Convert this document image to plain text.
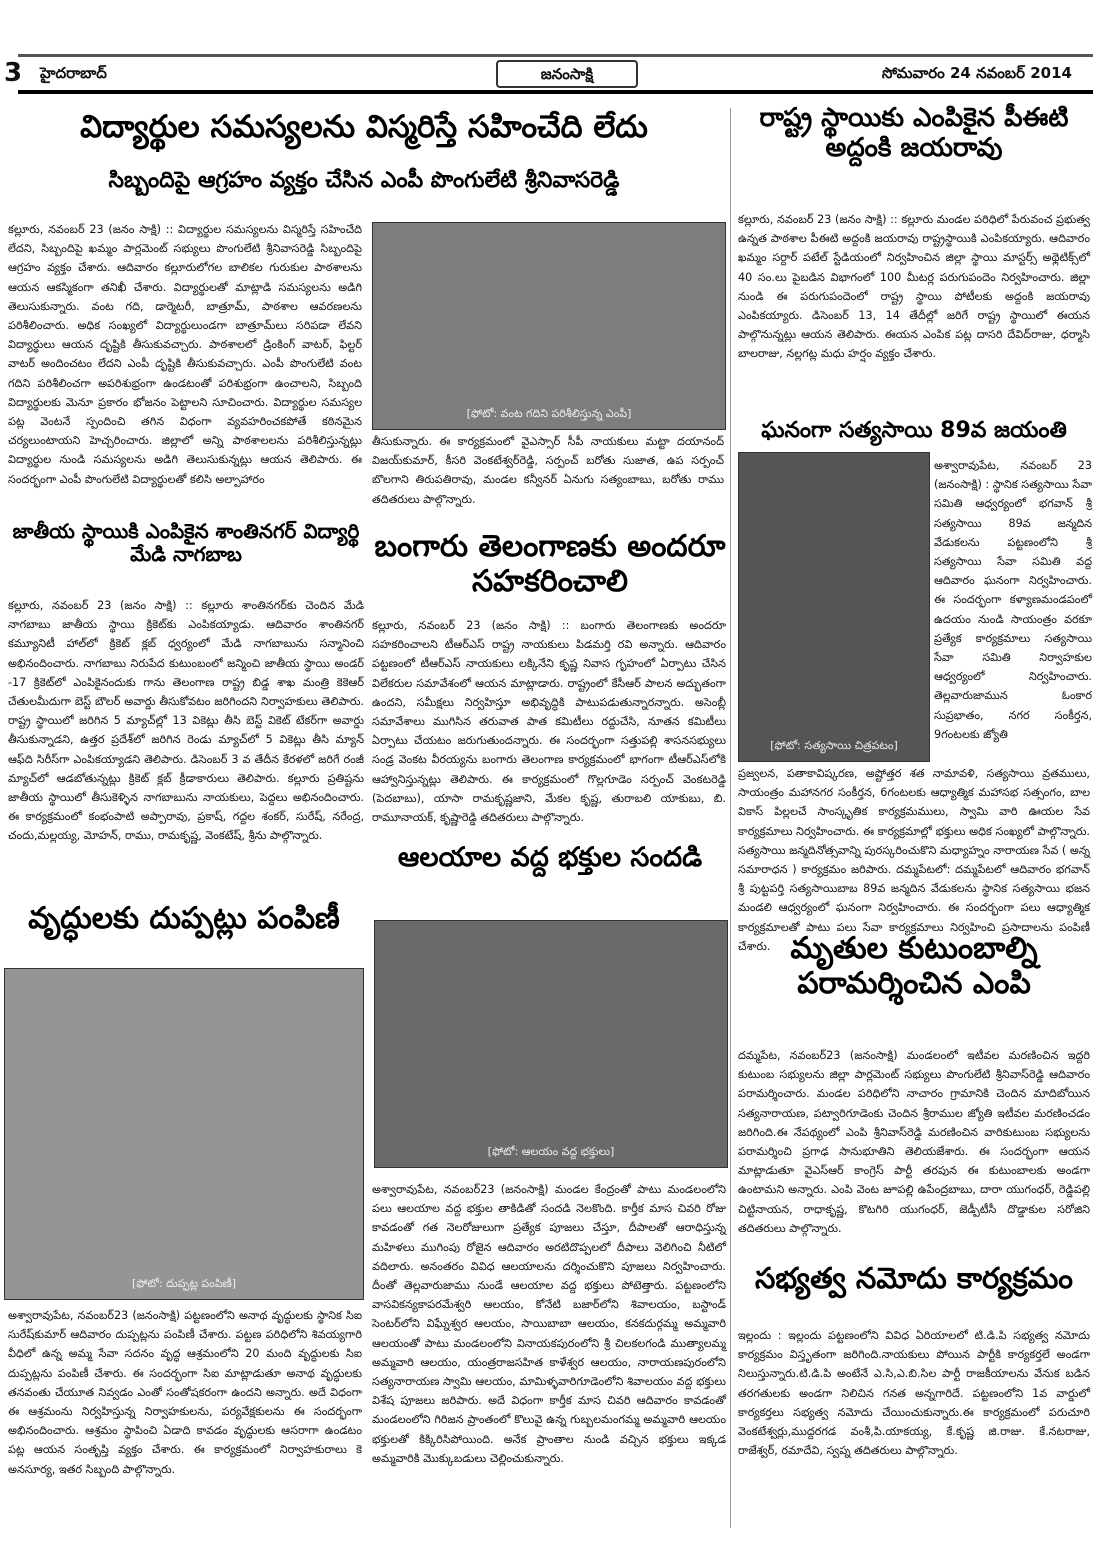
3 హైదరాబాద్	జనంసాక్షి	సోమవారం 24 నవంబర్ 2014
విద్యార్థుల సమస్యలను విస్మరిస్తే సహించేది లేదు
సిబ్బందిపై ఆగ్రహం వ్యక్తం చేసిన ఎంపీ పొంగులేటి శ్రీనివాసరెడ్డి
కల్లూరు, నవంబర్ 23 (జనం సాక్షి) :: విద్యార్థుల సమస్యలను విస్మరిస్తే సహించేది లేదని, సిబ్బందిపై ఖమ్మం పార్లమెంట్ సభ్యులు పొంగులేటి శ్రీనివాసరెడ్డి సిబ్బందిపై ఆగ్రహం వ్యక్తం చేశారు. ఆదివారం కల్లూరులోగల బాలికల గురుకుల పాఠశాలను ఆయన ఆకస్మికంగా తనిఖీ చేశారు. విద్యార్థులతో మాట్లాడి సమస్యలను అడిగి తెలుసుకున్నారు. వంట గది, డార్మెటరీ, బాత్రూమ్, పాఠశాల ఆవరణలను పరిశీలించారు. అధిక సంఖ్యలో విద్యార్థులుండగా బాత్రూమ్‌లు సరిపడా లేవని విద్యార్థులు ఆయన దృష్టికి తీసుకువచ్చారు. పాఠశాలలో డ్రింకింగ్ వాటర్, ఫిల్టర్ వాటర్ అందించటం లేదని ఎంపీ దృష్టికి తీసుకువచ్చారు. ఎంపీ పొంగులేటి వంట గదిని పరిశీలించగా అపరిశుభ్రంగా ఉండటంతో పరిశుభ్రంగా ఉంచాలని, సిబ్బంది విద్యార్థులకు మెనూ ప్రకారం భోజనం పెట్టాలని సూచించారు. విద్యార్థుల సమస్యల పట్ల వెంటనే స్పందించి తగిన విధంగా వ్యవహరించకపోతే కఠినమైన చర్యలుంటాయని హెచ్చరించారు. జిల్లాలో అన్ని పాఠశాలలను పరిశీలిస్తున్నట్లు విద్యార్థుల నుండి సమస్యలను అడిగి తెలుసుకున్నట్లు ఆయన తెలిపారు. ఈ సందర్భంగా ఎంపీ పొంగులేటి విద్యార్థులతో కలిసి అల్పాహారం
[ఫోటో: వంట గదిని పరిశీలిస్తున్న ఎంపీ]
తీసుకున్నారు. ఈ కార్యక్రమంలో వైఎస్సార్ సీపీ నాయకులు మట్టా దయానంద్ విజయ్‌కుమార్, కీసరి వెంకటేశ్వర్‌రెడ్డి, సర్పంచ్ బరోతు సుజాత, ఉప సర్పంచ్ బొలగాని తిరుపతిరావు, మండల కన్వీనర్ ఏనుగు సత్యంబాబు, బరోతు రాము తదితరులు పాల్గొన్నారు.
రాష్ట్ర స్థాయికు ఎంపికైన పీఈటి అద్దంకి జయరావు
కల్లూరు, నవంబర్ 23 (జనం సాక్షి) :: కల్లూరు మండల పరిధిలో పేరువంచ ప్రభుత్వ ఉన్నత పాఠశాల పీఈటి అద్దంకి జయరావు రాష్ట్రస్థాయికి ఎంపికయ్యారు. ఆదివారం ఖమ్మం సర్దార్ పటేల్ స్టేడియంలో నిర్వహించిన జిల్లా స్థాయి మాస్టర్స్ అథ్లెటిక్స్‌లో 40 సం.లు పైబడిన విభాగంలో 100 మీటర్ల పరుగుపందెం నిర్వహించారు. జిల్లా నుండి ఈ పరుగుపందెంలో రాష్ట్ర స్థాయి పోటీలకు అద్దంకి జయరావు ఎంపికయ్యారు. డిసెంబర్ 13, 14 తేదీల్లో జరిగే రాష్ట్ర స్థాయిలో ఈయన పాల్గొనున్నట్లు ఆయన తెలిపారు. ఈయన ఎంపిక పట్ల దాసరి దేవిద్‌రాజు, ధర్మాసి బాలరాజు, నల్లగట్ల మధు హర్షం వ్యక్తం చేశారు.
ఘనంగా సత్యసాయి 89వ జయంతి
[ఫోటో: సత్యసాయి చిత్రపటం]
అశ్వారావుపేట, నవంబర్ 23 (జనంసాక్షి) : స్థానిక సత్యసాయి సేవా సమితి ఆధ్వర్యంలో భగవాన్ శ్రీ సత్యసాయి 89వ జన్మదిన వేడుకలను పట్టణంలోని శ్రీ సత్యసాయి సేవా సమితి వద్ద ఆదివారం ఘనంగా నిర్వహించారు. ఈ సందర్భంగా కళ్యాణమండపంలో ఉదయం నుండి సాయంత్రం వరకూ ప్రత్యేక కార్యక్రమాలు సత్యసాయి సేవా సమితి నిర్వాహకుల ఆధ్వర్యంలో నిర్వహించారు. తెల్లవారుజామున ఓంకార సుప్రభాతం, నగర సంకీర్తన, 9గంటలకు జ్యోతి
ప్రజ్వలన, పతాకావిష్కరణ, అష్టోత్తర శత నామావళి, సత్యసాయి వ్రతములు, సాయంత్రం మహానగర సంకీర్తన, 6గంటలకు ఆధ్యాత్మిక మహాసభ సత్సంగం, బాల వికాస్ పిల్లలచే సాంస్కృతిక కార్యక్రమములు, స్వామి వారి ఊయల సేవ కార్యక్రమాలు నిర్వహించారు. ఈ కార్యక్రమాల్లో భక్తులు అధిక సంఖ్యలో పాల్గొన్నారు. సత్యసాయి జన్మదినోత్సవాన్ని పురస్కరించుకొని మధ్యాహ్నం నారాయణ సేవ ( అన్న సమారాధన ) కార్యక్రమం జరిపారు. దమ్మపేటలో: దమ్మపేటలో ఆదివారం భగవాన్ శ్రీ పుట్టపర్తి సత్యసాయిబాబ 89వ జన్మదిన వేడుకలను స్థానిక సత్యసాయి భజన మండలి ఆధ్వర్యంలో ఘనంగా నిర్వహించారు. ఈ సందర్భంగా పలు ఆధ్యాత్మిక కార్యక్రమాలతో పాటు పలు సేవా కార్యక్రమాలు నిర్వహించి ప్రసాదాలను పంపిణీ చేశారు.
జాతీయ స్థాయికి ఎంపికైన శాంతినగర్ విద్యార్థి మేడి నాగబాబ
కల్లూరు, నవంబర్ 23 (జనం సాక్షి) :: కల్లూరు శాంతినగర్‌కు చెందిన మేడి నాగబాబు జాతీయ స్థాయి క్రికెట్‌కు ఎంపికయ్యాడు. ఆదివారం శాంతినగర్ కమ్యూనిటీ హాల్‌లో క్రికెట్ క్లబ్ ధ్వర్యంలో మేడి నాగబాబును సన్మానించి అభినందించారు. నాగబాబు నిరుపేద కుటుంబంలో జన్మించి జాతీయ స్థాయి అండర్ -17 క్రికెట్‌లో ఎంపికైనందుకు గాను తెలంగాణ రాష్ట్ర బిడ్డ శాఖ మంత్రి కెకెఆర్ చేతులమీదుగా బెస్ట్ బౌలర్ అవార్డు తీసుకోవటం జరిగిందని నిర్వాహకులు తెలిపారు. రాష్ట్ర స్థాయిలో జరిగిన 5 మ్యాచ్‌ల్లో 13 వికెట్లు తీసి బెస్ట్ వికెట్ టేకర్‌గా అవార్డు తీసుకున్నాడని, ఉత్తర ప్రదేశ్‌లో జరిగిన రెండు మ్యాచ్‌లో 5 వికెట్లు తీసి మ్యాన్ ఆఫ్‌ది సిరీస్‌గా ఎంపికయ్యాడని తెలిపారు. డిసెంబర్ 3 వ తేదీన కేరళలో జరిగే రంజీ మ్యాచ్‌లో ఆడబోతున్నట్లు క్రికెట్ క్లబ్ క్రీడాకారులు తెలిపారు. కల్లూరు ప్రతిష్టను జాతీయ స్థాయిలో తీసుకెళ్ళిన నాగబాబును నాయకులు, పెద్దలు అభినందించారు. ఈ కార్యక్రమంలో కంభంపాటి అప్పారావు, ప్రకాష్, గద్దల శంకర్, సురేష్, నరేంద్ర, చందు,మల్లయ్య, మోహన్, రాము, రామకృష్ణ, వెంకటేష్, శ్రీను పాల్గొన్నారు.
బంగారు తెలంగాణకు అందరూ సహకరించాలి
కల్లూరు, నవంబర్ 23 (జనం సాక్షి) :: బంగారు తెలంగాణకు అందరూ సహకరించాలని టీఆర్ఎస్ రాష్ట్ర నాయకులు పిడమర్తి రవి అన్నారు. ఆదివారం పట్టణంలో టీఆర్ఎస్ నాయకులు లక్కినేని కృష్ణ నివాస గృహంలో ఏర్పాటు చేసిన విలేకరుల సమావేశంలో ఆయన మాట్లాడారు. రాష్ట్రంలో కేసీఆర్ పాలన అద్భుతంగా ఉందని, సమీక్షలు నిర్వహిస్తూ అభివృద్ధికి పాటుపడుతున్నారన్నారు. అసెంబ్లీ సమావేశాలు ముగిసిన తరువాత పాత కమిటీలు రద్దుచేసి, నూతన కమిటీలు ఏర్పాటు చేయటం జరుగుతుందన్నారు. ఈ సందర్భంగా సత్తుపల్లి శాసనసభ్యులు సండ్ర వెంకట వీరయ్యను బంగారు తెలంగాణ కార్యక్రమంలో భాగంగా టీఆర్ఎస్‌లోకి ఆహ్వానిస్తున్నట్లు తెలిపారు. ఈ కార్యక్రమంలో గొల్లగూడెం సర్పంచ్ వెంకటరెడ్డి (పెదబాబు), యాసా రామకృష్ణజాని, మేకల కృష్ణ, తురాబలి యాకుబు, బి. రామూనాయక్, కృష్ణారెడ్డి తదితరులు పాల్గొన్నారు.
ఆలయాల వద్ద భక్తుల సందడి
[ఫోటో: ఆలయం వద్ద భక్తులు]
అశ్వారావుపేట, నవంబర్23 (జనంసాక్షి) మండల కేంద్రంతో పాటు మండలంలోని పలు ఆలయాల వద్ద భక్తుల తాకిడితో సందడి నెలకొంది. కార్తీక మాస చివరి రోజు కావడంతో గత నెలరోజులుగా ప్రత్యేక పూజలు చేస్తూ, దీపాలతో ఆరాధిస్తున్న మహిళలు ముగింపు రోజైన ఆదివారం అరటిదొప్పలలో దీపాలు వెలిగించి నీటిలో వదిలారు. అనంతరం వివిధ ఆలయాలను దర్శించుకొని పూజలు నిర్వహించారు. దీంతో తెల్లవారుజాము నుండే ఆలయాల వద్ద భక్తులు పోటెత్తారు. పట్టణంలోని వాసవికన్యకాపరమేశ్వరి ఆలయం, కోనేటి బజార్‌లోని శివాలయం, బస్టాండ్ సెంటర్‌లోని విఘ్నేశ్వర ఆలయం, సాయిబాబా ఆలయం, కనకదుర్గమ్మ అమ్మవారి ఆలయంతో పాటు మండలంలోని వినాయకపురంలోని శ్రీ చిలకలగండి ముత్యాలమ్మ అమ్మవారి ఆలయం, యంత్రరాజసహిత కాళేశ్వర ఆలయం, నారాయణపురంలోని సత్యనారాయణ స్వామి ఆలయం, మామిళ్ళవారిగూడెంలోని శివాలయం వద్ద భక్తులు విశేష పూజలు జరిపారు. అదే విధంగా కార్తీక మాస చివరి ఆదివారం కావడంతో మండలంలోని గిరిజన ప్రాంతంలో కొలువై ఉన్న గుబ్బలమంగమ్మ అమ్మవారి ఆలయం భక్తులతో కిక్కిరిసిపోయింది. అనేక ప్రాంతాల నుండి వచ్చిన భక్తులు ఇక్కడ అమ్మవారికి మొక్కుబడులు చెల్లించుకున్నారు.
వృద్ధులకు దుప్పట్లు పంపిణీ
[ఫోటో: దుప్పట్ల పంపిణీ]
అశ్వారావుపేట, నవంబర్23 (జనంసాక్షి) పట్టణంలోని అనాథ వృద్ధులకు స్థానిక సిఐ సురేష్‌కుమార్ ఆదివారం దుప్పట్లను పంపిణీ చేశారు. పట్టణ పరిధిలోని శివయ్యగారి వీధిలో ఉన్న అమ్మ సేవా సదనం వృద్ధ ఆశ్రమంలోని 20 మంది వృద్ధులకు సిఐ దుప్పట్లను పంపిణీ చేశారు. ఈ సందర్భంగా సిఐ మాట్లాడుతూ అనాథ వృద్ధులకు తనవంతు చేయూత నివ్వడం ఎంతో సంతోషకరంగా ఉందని అన్నారు. అదే విధంగా ఈ ఆశ్రమంను నిర్వహిస్తున్న నిర్వాహకులను, పర్యవేక్షకులను ఈ సందర్భంగా అభినందించారు. ఆశ్రమం స్థాపించి ఏడాది కావడం వృద్ధులకు ఆసరాగా ఉండటం పట్ల ఆయన సంతృప్తి వ్యక్తం చేశారు. ఈ కార్యక్రమంలో నిర్వాహకురాలు కె అనసూర్య, ఇతర సిబ్బంది పాల్గొన్నారు.
మృతుల కుటుంబాల్ని పరామర్శించిన ఎంపి
దమ్మపేట, నవంబర్23 (జనంసాక్షి) మండలంలో ఇటీవల మరణించిన ఇద్దరి కుటుంబ సభ్యులను జిల్లా పార్లమెంట్ సభ్యులు పొంగులేటి శ్రీనివాస్‌రెడ్డి ఆదివారం పరామర్శించారు. మండల పరిధిలోని నాచారం గ్రామానికి చెందిన మాదిబోయిన సత్యనారాయణ, పట్వారిగూడెంకు చెందిన శ్రీరాముల జ్యోతి ఇటీవల మరణించడం జరిగింది.ఈ నేపథ్యంలో ఎంపి శ్రీనివాస్‌రెడ్డి మరణించిన వారికుటుంబ సభ్యులను పరామర్శించి ప్రగాఢ సానుభూతిని తెలియజేశారు. ఈ సందర్భంగా ఆయన మాట్లాడుతూ వైఎస్ఆర్ కాంగ్రెస్ పార్టీ తరపున ఈ కుటుంబాలకు అండగా ఉంటామని అన్నారు. ఎంపి వెంట జూపల్లి ఉపేంద్రబాబు, దారా యుగంధర్, రెడ్డిపల్లి చిట్టినాయన, రాధాకృష్ణ, కొటగిరి యుగంధర్, జెడ్పీటీసీ దొడ్డాకుల సరోజిని తదితరులు పాల్గొన్నారు.
సభ్యత్వ నమోదు కార్యక్రమం
ఇల్లందు : ఇల్లందు పట్టణంలోని వివిధ ఏరియాలలో టి.డి.పి సభ్యత్వ నమోదు కార్యక్రమం విస్తృతంగా జరిగింది.నాయకులు పోయిన పార్టీకి కార్యకర్తలే అండగా నిలుస్తున్నారు.టి.డి.పి అంటేనే ఎ.సి,ఎ.బి.సిల పార్టీ రాజకీయాలను వేనుక బడిన తరగతులకు అండగా నిలిచిన గనత అన్నగారిదే. పట్టణంలోని 1వ వార్డులో కార్యకర్తలు సభ్యత్వ నమోదు చేయించుకున్నారు.ఈ కార్యక్రమంలో పరుచూరి వెంకటేశ్వర్లు,ముద్దరగడ వంశీ,పి.యాకయ్య, కే.కృష్ణ జి.రాజు. కే.నటరాజు, రాజేశ్వర్, రమాదేవి, స్వప్న తదితరులు పాల్గొన్నారు.
